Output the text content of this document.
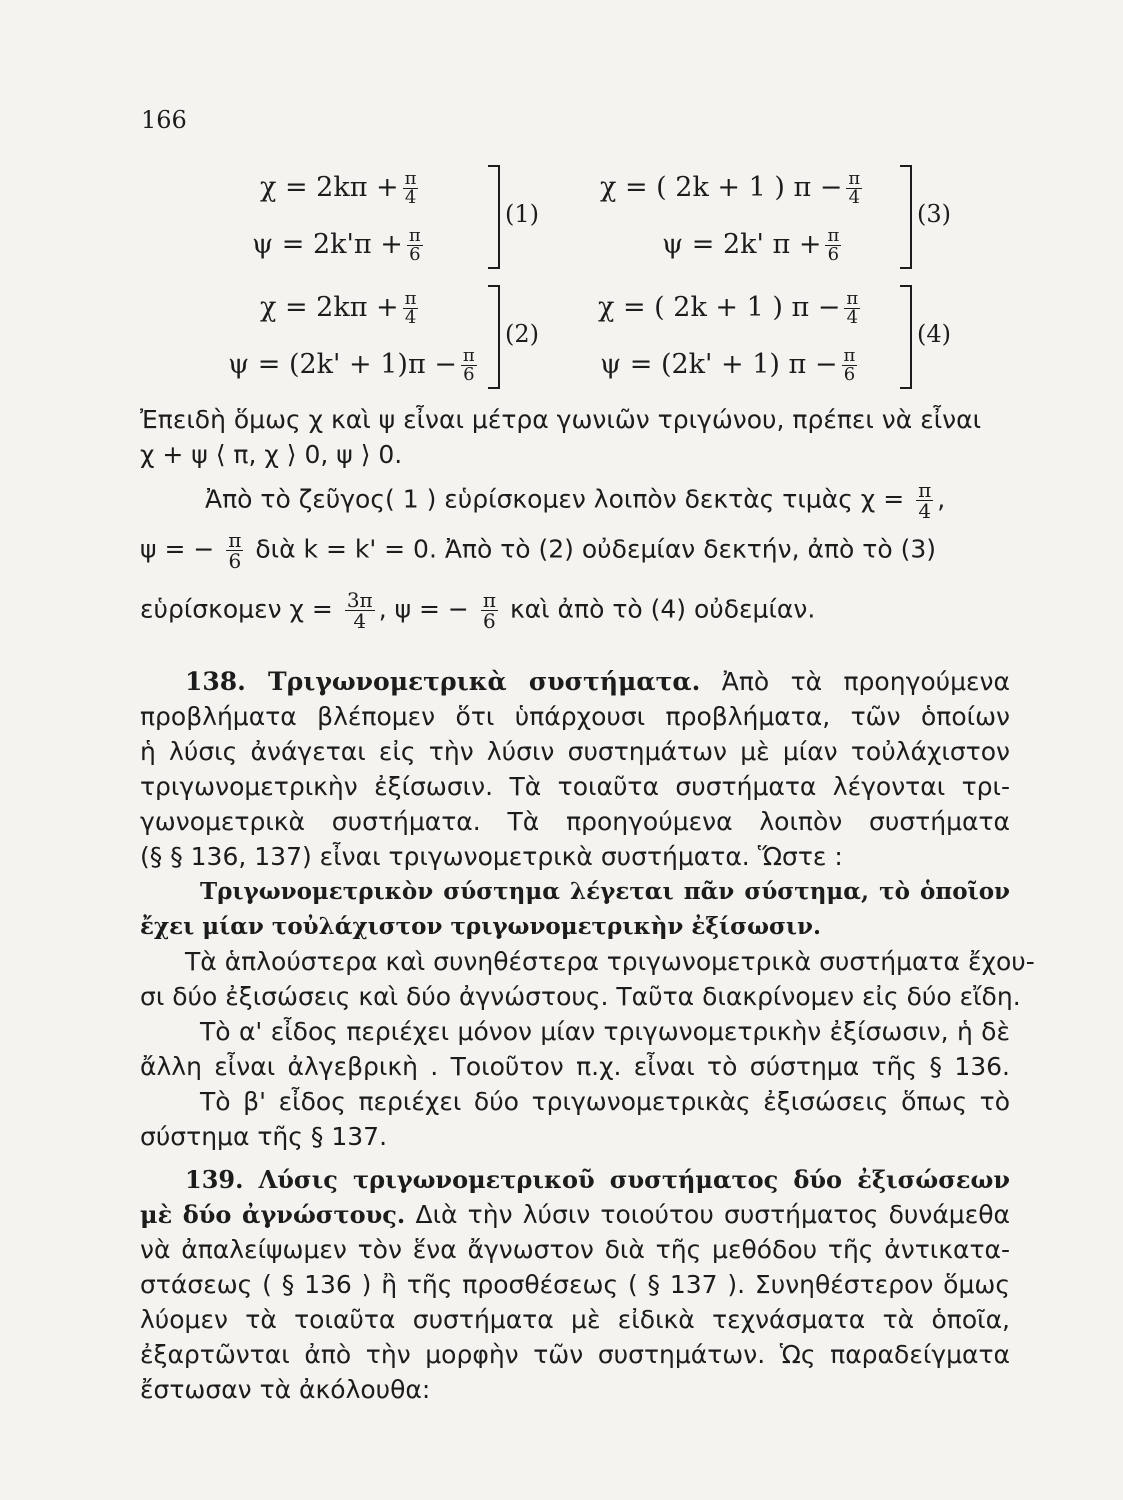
166
$\chi = 2k\pi + \frac{\pi}{4}$
$\psi = 2k'\pi + \frac{\pi}{6}$
(1)
χ = ( 2k + 1 ) $\pi - \frac{\pi}{4}$
ψ = 2k' $\pi + \frac{\pi}{6}$
(3)
$\chi = 2k\pi + \frac{\pi}{4}$
$\psi = (2k' + 1)\pi - \frac{\pi}{6}$
(2)
χ = ( 2k + 1 ) $\pi - \frac{\pi}{4}$
ψ = (2k' + 1) $\pi - \frac{\pi}{6}$
(4)
Ἐπειδὴ ὅμως χ καὶ ψ εἶναι μέτρα γωνιῶν τριγώνου, πρέπει νὰ εἶναι
χ + ψ ⟨ π, χ ⟩ 0, ψ ⟩ 0.
Ἀπὸ τὸ ζεῦγος( 1 ) εὑρίσκομεν λοιπὸν δεκτὰς τιμὰς $\chi = \frac{\pi}{4}$ ,
ψ = − $\frac{\pi}{6}$ διὰ k = k' = 0. Ἀπὸ τὸ (2) οὐδεμίαν δεκτήν, ἀπὸ τὸ (3)
εὑρίσκομεν $\chi = \frac{3\pi}{4}$ , ψ = − $\frac{\pi}{6}$ καὶ ἀπὸ τὸ (4) οὐδεμίαν.
138. Τριγωνομετρικὰ συστήματα. Ἀπὸ τὰ προηγούμενα
προβλήματα βλέπομεν ὅτι ὑπάρχουσι προβλήματα, τῶν ὁποίων
ἡ λύσις ἀνάγεται εἰς τὴν λύσιν συστημάτων μὲ μίαν τοὐλάχιστον
τριγωνομετρικὴν ἐξίσωσιν. Τὰ τοιαῦτα συστήματα λέγονται τρι-
γωνομετρικὰ συστήματα. Τὰ προηγούμενα λοιπὸν συστήματα
(§ § 136, 137) εἶναι τριγωνομετρικὰ συστήματα. Ὥστε :
Τριγωνομετρικὸν σύστημα λέγεται πᾶν σύστημα, τὸ ὁποῖον
ἔχει μίαν τοὐλάχιστον τριγωνομετρικὴν ἐξίσωσιν.
Τὰ ἁπλούστερα καὶ συνηθέστερα τριγωνομετρικὰ συστήματα ἔχου-
σι δύο ἐξισώσεις καὶ δύο ἀγνώστους. Ταῦτα διακρίνομεν εἰς δύο εἴδη.
Τὸ α' εἶδος περιέχει μόνον μίαν τριγωνομετρικὴν ἐξίσωσιν, ἡ δὲ
ἄλλη εἶναι ἀλγεβρικὴ . Τοιοῦτον π.χ. εἶναι τὸ σύστημα τῆς § 136.
Τὸ β' εἶδος περιέχει δύο τριγωνομετρικὰς ἐξισώσεις ὅπως τὸ
σύστημα τῆς § 137.
139. Λύσις τριγωνομετρικοῦ συστήματος δύο ἐξισώσεων
μὲ δύο ἀγνώστους. Διὰ τὴν λύσιν τοιούτου συστήματος δυνάμεθα
νὰ ἀπαλείψωμεν τὸν ἕνα ἄγνωστον διὰ τῆς μεθόδου τῆς ἀντικατα-
στάσεως ( § 136 ) ἢ τῆς προσθέσεως ( § 137 ). Συνηθέστερον ὅμως
λύομεν τὰ τοιαῦτα συστήματα μὲ εἰδικὰ τεχνάσματα τὰ ὁποῖα,
ἐξαρτῶνται ἀπὸ τὴν μορφὴν τῶν συστημάτων. Ὡς παραδείγματα
ἔστωσαν τὰ ἀκόλουθα:
